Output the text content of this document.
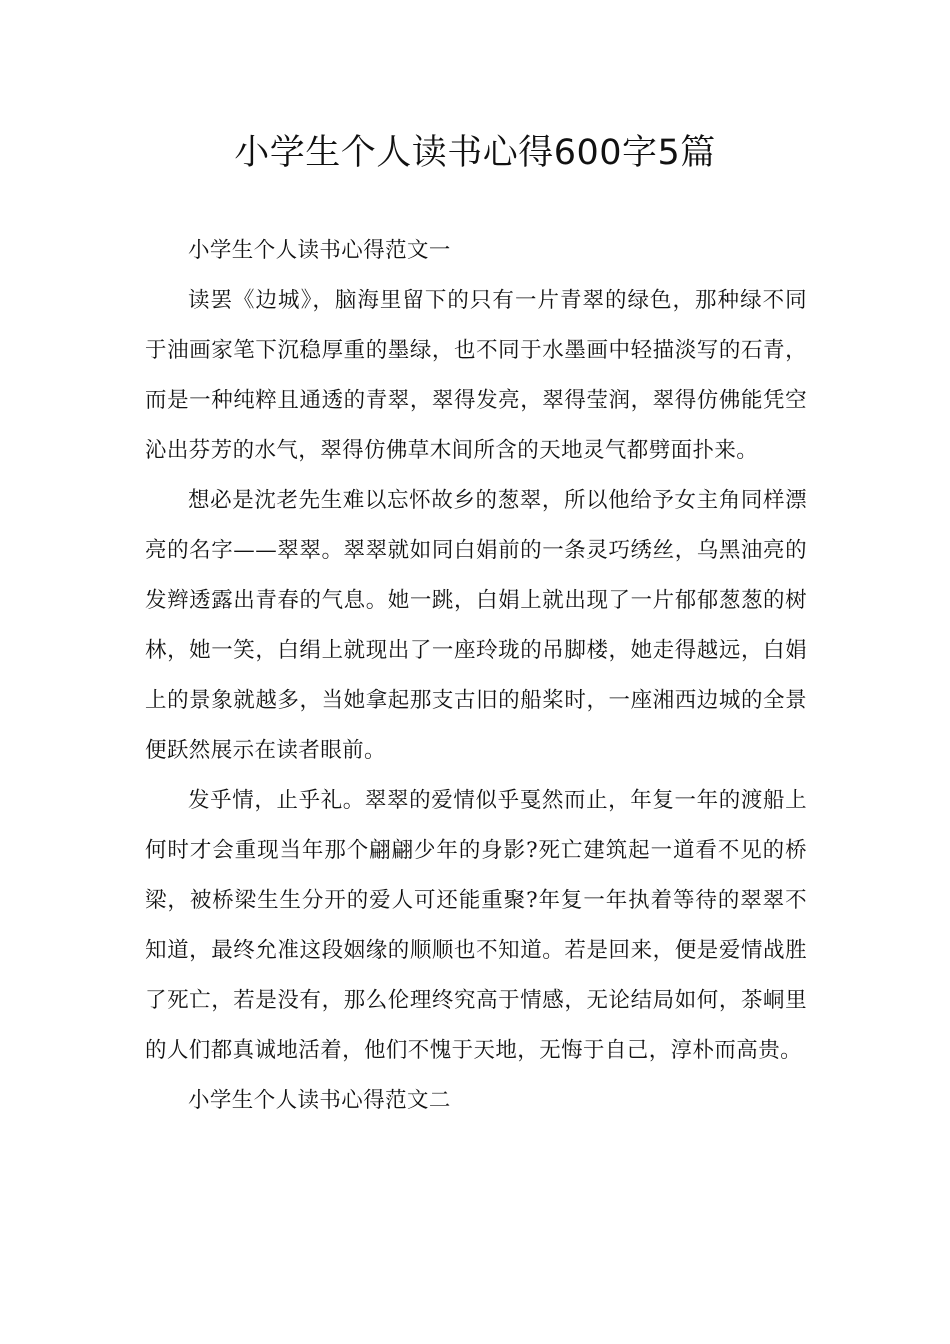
小学生个人读书心得600字5篇

小学生个人读书心得范文一

读罢《边城》，脑海里留下的只有一片青翠的绿色，那种绿不同于油画家笔下沉稳厚重的墨绿，也不同于水墨画中轻描淡写的石青，而是一种纯粹且通透的青翠，翠得发亮，翠得莹润，翠得仿佛能凭空沁出芬芳的水气，翠得仿佛草木间所含的天地灵气都劈面扑来。

想必是沈老先生难以忘怀故乡的葱翠，所以他给予女主角同样漂亮的名字——翠翠。翠翠就如同白娟前的一条灵巧绣丝，乌黑油亮的发辫透露出青春的气息。她一跳，白娟上就出现了一片郁郁葱葱的树林，她一笑，白绢上就现出了一座玲珑的吊脚楼，她走得越远，白娟上的景象就越多，当她拿起那支古旧的船桨时，一座湘西边城的全景便跃然展示在读者眼前。

发乎情，止乎礼。翠翠的爱情似乎戛然而止，年复一年的渡船上何时才会重现当年那个翩翩少年的身影?死亡建筑起一道看不见的桥梁，被桥梁生生分开的爱人可还能重聚?年复一年执着等待的翠翠不知道，最终允准这段姻缘的顺顺也不知道。若是回来，便是爱情战胜了死亡，若是没有，那么伦理终究高于情感，无论结局如何，茶峒里的人们都真诚地活着，他们不愧于天地，无悔于自己，淳朴而高贵。

小学生个人读书心得范文二
